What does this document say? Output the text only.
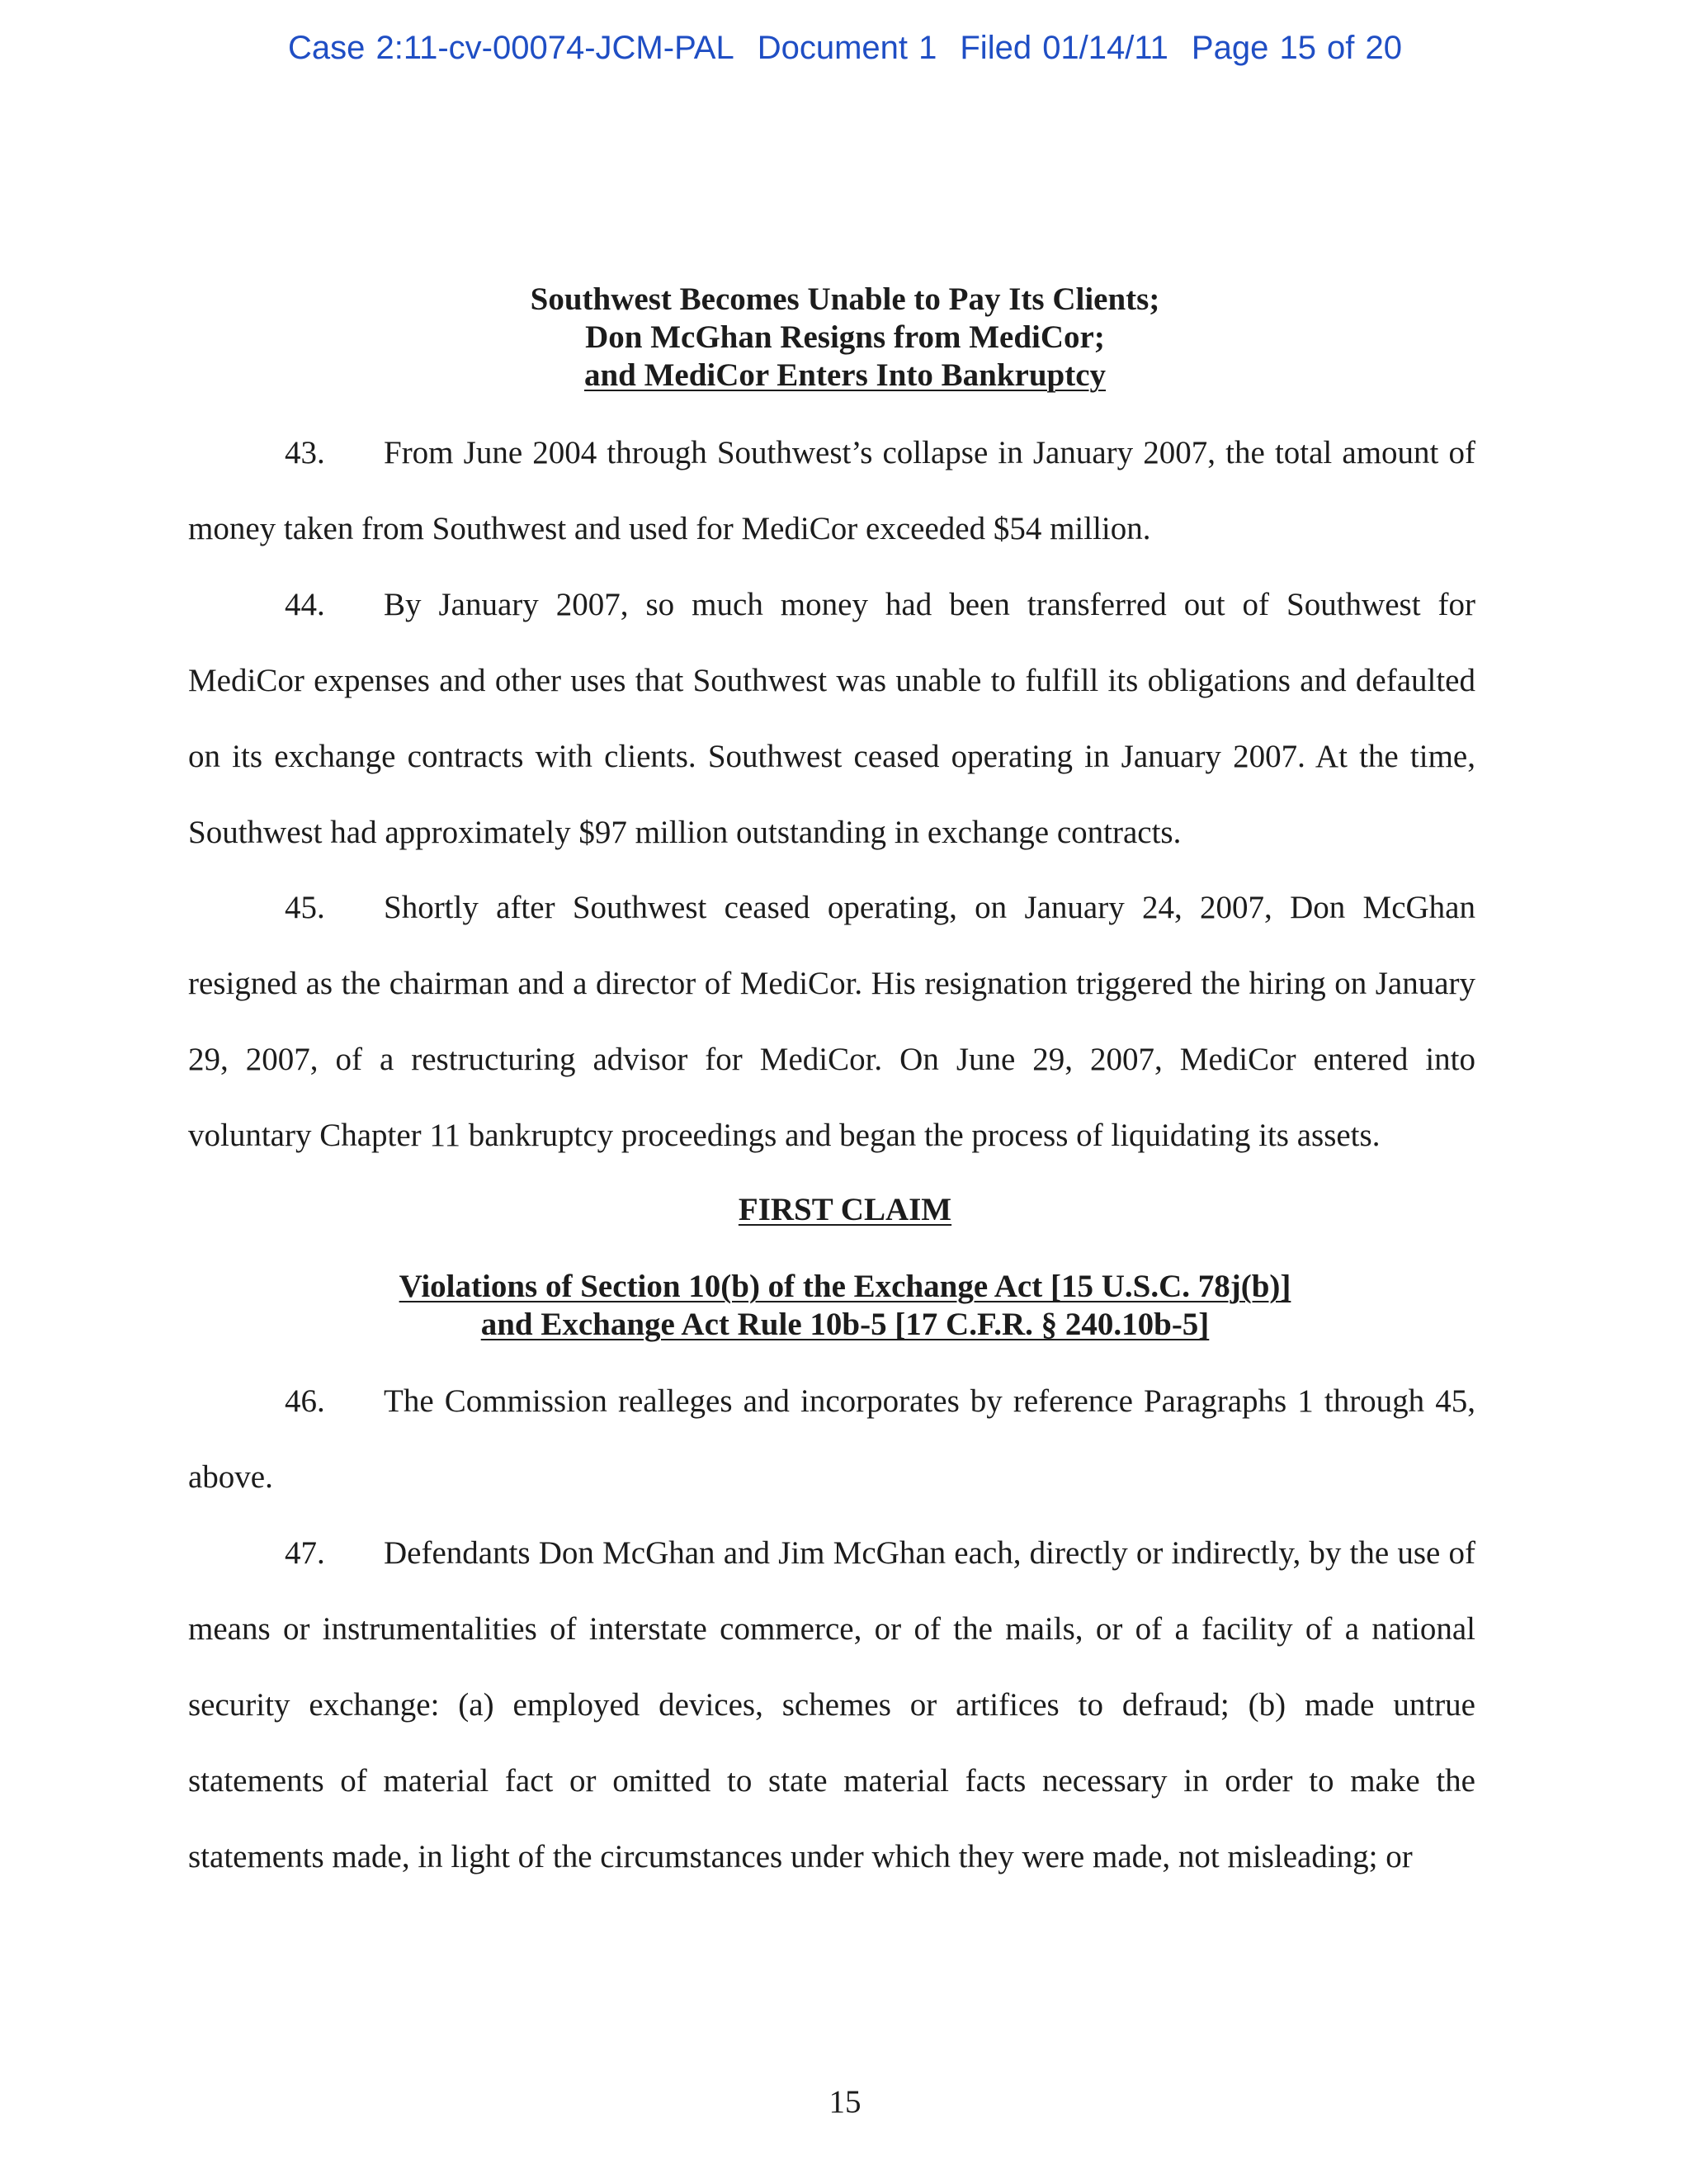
Case 2:11-cv-00074-JCM-PAL Document 1 Filed 01/14/11 Page 15 of 20
Southwest Becomes Unable to Pay Its Clients;
Don McGhan Resigns from MediCor;
and MediCor Enters Into Bankruptcy
43. From June 2004 through Southwest’s collapse in January 2007, the total amount of money taken from Southwest and used for MediCor exceeded $54 million.
44. By January 2007, so much money had been transferred out of Southwest for MediCor expenses and other uses that Southwest was unable to fulfill its obligations and defaulted on its exchange contracts with clients. Southwest ceased operating in January 2007. At the time, Southwest had approximately $97 million outstanding in exchange contracts.
45. Shortly after Southwest ceased operating, on January 24, 2007, Don McGhan resigned as the chairman and a director of MediCor. His resignation triggered the hiring on January 29, 2007, of a restructuring advisor for MediCor. On June 29, 2007, MediCor entered into voluntary Chapter 11 bankruptcy proceedings and began the process of liquidating its assets.
FIRST CLAIM
Violations of Section 10(b) of the Exchange Act [15 U.S.C. 78j(b)]
and Exchange Act Rule 10b-5 [17 C.F.R. § 240.10b-5]
46. The Commission realleges and incorporates by reference Paragraphs 1 through 45, above.
47. Defendants Don McGhan and Jim McGhan each, directly or indirectly, by the use of means or instrumentalities of interstate commerce, or of the mails, or of a facility of a national security exchange: (a) employed devices, schemes or artifices to defraud; (b) made untrue statements of material fact or omitted to state material facts necessary in order to make the statements made, in light of the circumstances under which they were made, not misleading; or
15
